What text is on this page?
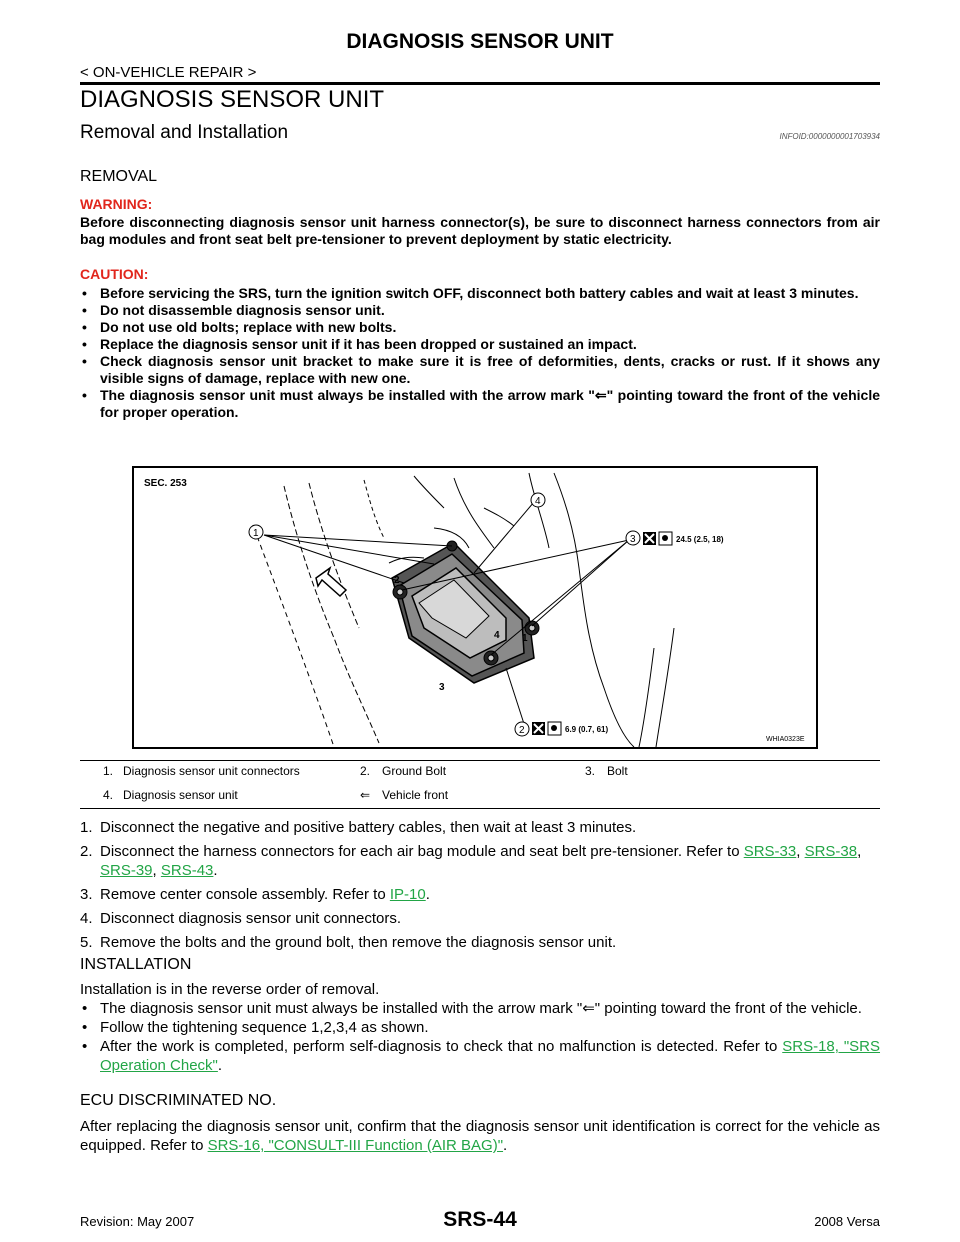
DIAGNOSIS SENSOR UNIT
< ON-VEHICLE REPAIR >
DIAGNOSIS SENSOR UNIT
Removal and Installation	INFOID:0000000001703934
REMOVAL
WARNING:
Before disconnecting diagnosis sensor unit harness connector(s), be sure to disconnect harness connectors from air bag modules and front seat belt pre-tensioner to prevent deployment by static electricity.
CAUTION:
• Before servicing the SRS, turn the ignition switch OFF, disconnect both battery cables and wait at least 3 minutes.
• Do not disassemble diagnosis sensor unit.
• Do not use old bolts; replace with new bolts.
• Replace the diagnosis sensor unit if it has been dropped or sustained an impact.
• Check diagnosis sensor unit bracket to make sure it is free of deformities, dents, cracks or rust. If it shows any visible signs of damage, replace with new one.
• The diagnosis sensor unit must always be installed with the arrow mark "⇐" pointing toward the front of the vehicle for proper operation.
2
1
4
3
1
4
3
2
SEC. 253
24.5 (2.5, 18)
6.9 (0.7, 61)
WHIA0323E
1. Diagnosis sensor unit connectors	2. Ground Bolt	3. Bolt
4. Diagnosis sensor unit	⇐ Vehicle front
1. Disconnect the negative and positive battery cables, then wait at least 3 minutes.
2. Disconnect the harness connectors for each air bag module and seat belt pre-tensioner. Refer to SRS-33, SRS-38, SRS-39, SRS-43.
3. Remove center console assembly. Refer to IP-10.
4. Disconnect diagnosis sensor unit connectors.
5. Remove the bolts and the ground bolt, then remove the diagnosis sensor unit.
INSTALLATION
Installation is in the reverse order of removal.
• The diagnosis sensor unit must always be installed with the arrow mark "⇐" pointing toward the front of the vehicle.
• Follow the tightening sequence 1,2,3,4 as shown.
• After the work is completed, perform self-diagnosis to check that no malfunction is detected. Refer to SRS-18, "SRS Operation Check".
ECU DISCRIMINATED NO.
After replacing the diagnosis sensor unit, confirm that the diagnosis sensor unit identification is correct for the vehicle as equipped. Refer to SRS-16, "CONSULT-III Function (AIR BAG)".
SRS-44
Revision: May 2007	2008 Versa
